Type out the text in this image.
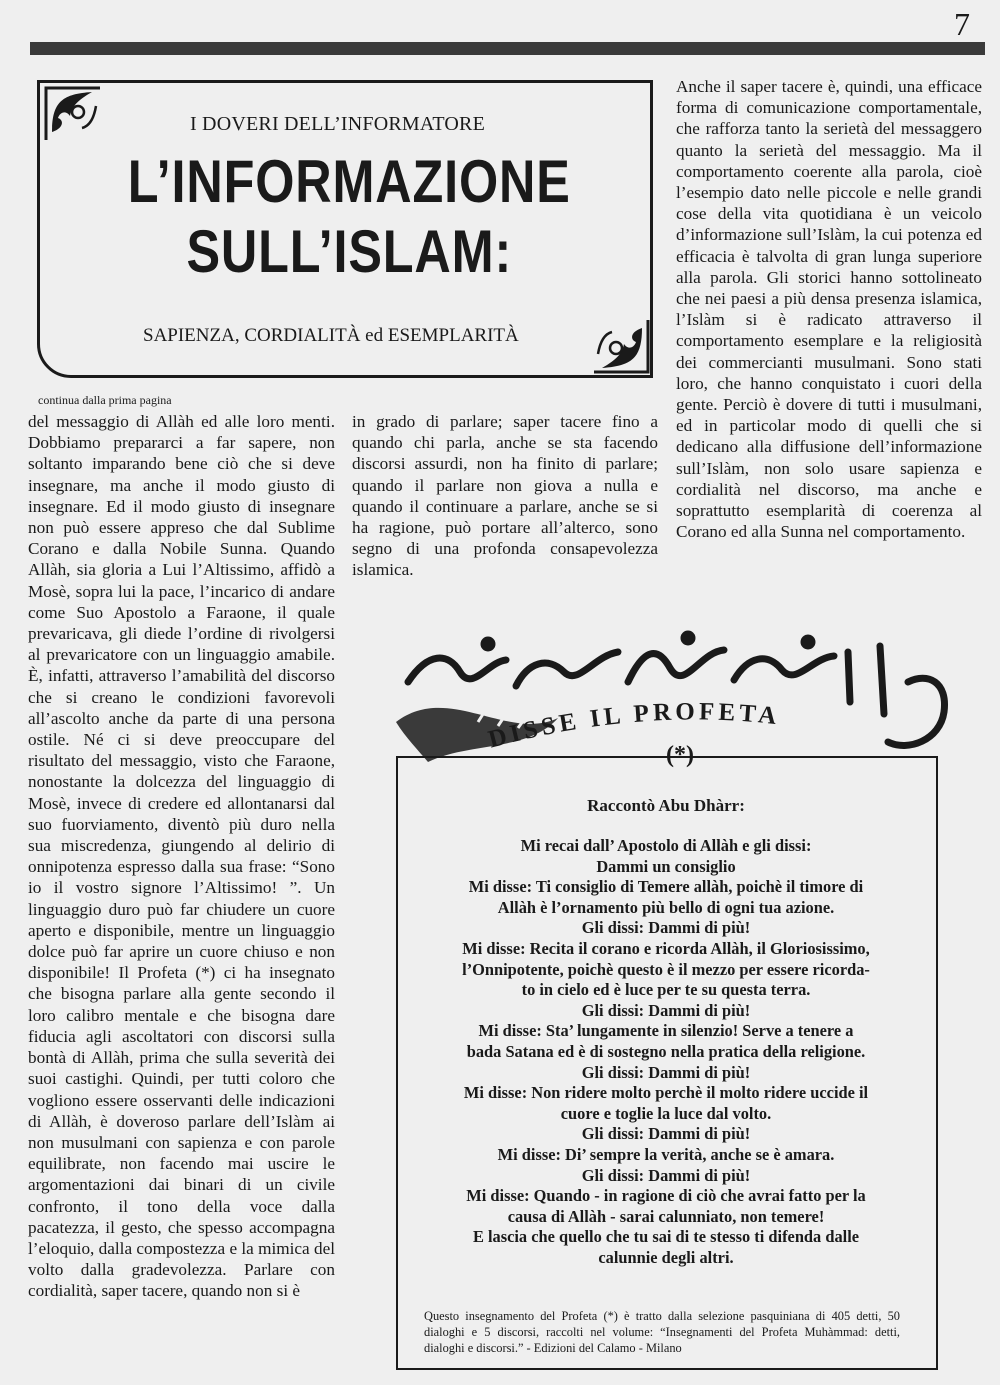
7
I DOVERI DELL’INFORMATORE
L’INFORMAZIONE
SULL’ISLAM:
SAPIENZA, CORDIALITÀ ed ESEMPLARITÀ
continua dalla prima pagina

del messaggio di Allàh ed alle loro menti. Dobbiamo prepararci a far sapere, non soltanto imparando bene ciò che si deve insegnare, ma anche il modo giusto di insegnare. Ed il modo giusto di insegnare non può essere appreso che dal Sublime Corano e dalla Nobile Sunna. Quando Allàh, sia gloria a Lui l’Altissimo, affidò a Mosè, sopra lui la pace, l’incarico di andare come Suo Apostolo a Faraone, il quale prevaricava, gli diede l’ordine di rivolgersi al prevaricatore con un linguaggio amabile. È, infatti, attraverso l’amabilità del discorso che si creano le condizioni favorevoli all’ascolto anche da parte di una persona ostile. Né ci si deve preoccupare del risultato del messaggio, visto che Faraone, nonostante la dolcezza del linguaggio di Mosè, invece di credere ed allontanarsi dal suo fuorviamento, diventò più duro nella sua miscredenza, giungendo al delirio di onnipotenza espresso dalla sua frase: “Sono io il vostro signore l’Altissimo! ”. Un linguaggio duro può far chiudere un cuore aperto e disponibile, mentre un linguaggio dolce può far aprire un cuore chiuso e non disponibile! Il Profeta (*) ci ha insegnato che bisogna parlare alla gente secondo il loro calibro mentale e che bisogna dare fiducia agli ascoltatori con discorsi sulla bontà di Allàh, prima che sulla severità dei suoi castighi. Quindi, per tutti coloro che vogliono essere osservanti delle indicazioni di Allàh, è doveroso parlare dell’Islàm ai non musulmani con sapienza e con parole equilibrate, non facendo mai uscire le argomentazioni dai binari di un civile confronto, il tono della voce dalla pacatezza, il gesto, che spesso accompagna l’eloquio, dalla compostezza e la mimica del volto dalla gradevolezza. Parlare con cordialità, saper tacere, quando non si è

in grado di parlare; saper tacere fino a quando chi parla, anche se sta facendo discorsi assurdi, non ha finito di parlare; quando il parlare non giova a nulla e quando il continuare a parlare, anche se si ha ragione, può portare all’alterco, sono segno di una profonda consapevolezza islamica.

Anche il saper tacere è, quindi, una efficace forma di comunicazione comportamentale, che rafforza tanto la serietà del messaggero quanto la serietà del messaggio. Ma il comportamento coerente alla parola, cioè l’esempio dato nelle piccole e nelle grandi cose della vita quotidiana è un veicolo d’informazione sull’Islàm, la cui potenza ed efficacia è talvolta di gran lunga superiore alla parola. Gli storici hanno sottolineato che nei paesi a più densa presenza islamica, l’Islàm si è radicato attraverso il comportamento esemplare e la religiosità dei commercianti musulmani. Sono stati loro, che hanno conquistato i cuori della gente. Perciò è dovere di tutti i musulmani, ed in particolar modo di quelli che si dedicano alla diffusione dell’informazione sull’Islàm, non solo usare sapienza e cordialità nel discorso, ma anche e soprattutto esemplarità di coerenza al Corano ed alla Sunna nel comportamento.

DISSE IL PROFETA
(*)
Raccontò Abu Dhàrr:
Mi recai dall’ Apostolo di Allàh e gli dissi:
Dammi un consiglio
Mi disse: Ti consiglio di Temere allàh, poichè il timore di
Allàh è l’ornamento più bello di ogni tua azione.
Gli dissi: Dammi di più!
Mi disse: Recita il corano e ricorda Allàh, il Gloriosissimo,
l’Onnipotente, poichè questo è il mezzo per essere ricorda-
to in cielo ed è luce per te su questa terra.
Gli dissi: Dammi di più!
Mi disse: Sta’ lungamente in silenzio! Serve a tenere a
bada Satana ed è di sostegno nella pratica della religione.
Gli dissi: Dammi di più!
Mi disse: Non ridere molto perchè il molto ridere uccide il
cuore e toglie la luce dal volto.
Gli dissi: Dammi di più!
Mi disse: Di’ sempre la verità, anche se è amara.
Gli dissi: Dammi di più!
Mi disse: Quando - in ragione di ciò che avrai fatto per la
causa di Allàh - sarai calunniato, non temere!
E lascia che quello che tu sai di te stesso ti difenda dalle
calunnie degli altri.
Questo insegnamento del Profeta (*) è tratto dalla selezione pasquiniana di 405 detti, 50 dialoghi e 5 discorsi, raccolti nel volume: “Insegnamenti del Profeta Muhàmmad: detti, dialoghi e discorsi.” - Edizioni del Calamo - Milano
